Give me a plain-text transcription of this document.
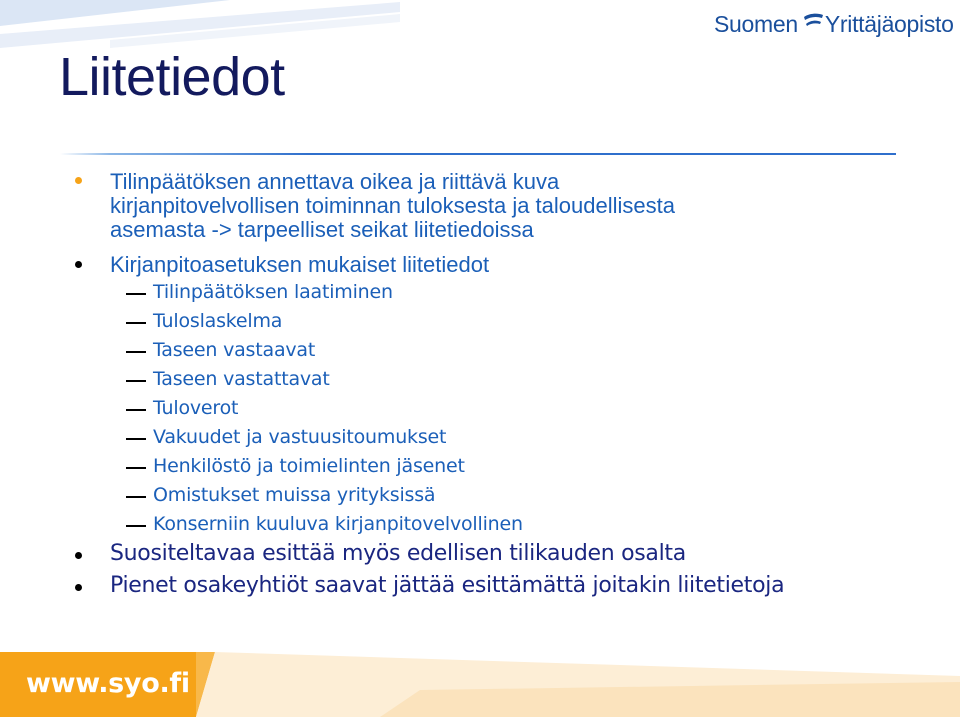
Suomen Yrittäjäopisto
Liitetiedot
Tilinpäätöksen annettava oikea ja riittävä kuva
kirjanpitovelvollisen toiminnan tuloksesta ja taloudellisesta
asemasta -> tarpeelliset seikat liitetiedoissa
Kirjanpitoasetuksen mukaiset liitetiedot
Tilinpäätöksen laatiminen
Tuloslaskelma
Taseen vastaavat
Taseen vastattavat
Tuloverot
Vakuudet ja vastuusitoumukset
Henkilöstö ja toimielinten jäsenet
Omistukset muissa yrityksissä
Konserniin kuuluva kirjanpitovelvollinen
Suositeltavaa esittää myös edellisen tilikauden osalta
Pienet osakeyhtiöt saavat jättää esittämättä joitakin liitetietoja
www.syo.fi
